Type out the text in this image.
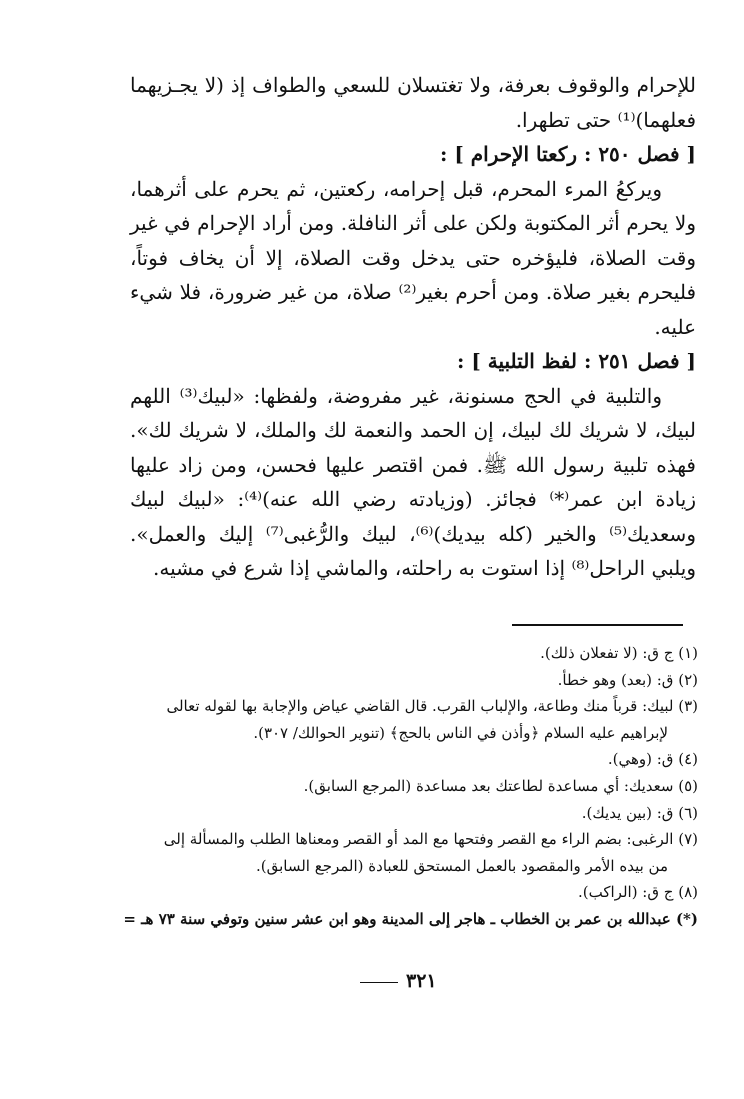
للإحرام والوقوف بعرفة، ولا تغتسلان للسعي والطواف إذ (لا يجـزيهما فعلهما)⁽¹⁾ حتى تطهرا.

[ فصل ٢٥٠ : ركعتا الإحرام ] :

ويركعُ المرء المحرم، قبل إحرامه، ركعتين، ثم يحرم على أثرهما، ولا يحرم أثر المكتوبة ولكن على أثر النافلة. ومن أراد الإحرام في غير وقت الصلاة، فليؤخره حتى يدخل وقت الصلاة، إلا أن يخاف فوتاً، فليحرم بغير صلاة. ومن أحرم بغير⁽²⁾ صلاة، من غير ضرورة، فلا شيء عليه.

[ فصل ٢٥١ : لفظ التلبية ] :

والتلبية في الحج مسنونة، غير مفروضة، ولفظها: «لبيك⁽³⁾ اللهم لبيك، لا شريك لك لبيك، إن الحمد والنعمة لك والملك، لا شريك لك». فهذه تلبية رسول الله ﷺ. فمن اقتصر عليها فحسن، ومن زاد عليها زيادة ابن عمر⁽*⁾ فجائز. (وزيادته رضي الله عنه)⁽⁴⁾: «لبيك لبيك وسعديك⁽⁵⁾ والخير (كله بيديك)⁽⁶⁾، لبيك والرُّغبى⁽⁷⁾ إليك والعمل». ويلبي الراحل⁽⁸⁾ إذا استوت به راحلته، والماشي إذا شرع في مشيه.

(١) ج ق: (لا تفعلان ذلك).

(٢) ق: (بعد) وهو خطأ.

(٣) لبيك: قرباً منك وطاعة، والإلباب القرب. قال القاضي عياض والإجابة بها لقوله تعالى

لإبراهيم عليه السلام ﴿وأذن في الناس بالحج﴾ (تنوير الحوالك/ ٣٠٧).

(٤) ق: (وهي).

(٥) سعديك: أي مساعدة لطاعتك بعد مساعدة (المرجع السابق).

(٦) ق: (بين يديك).

(٧) الرغبى: بضم الراء مع القصر وفتحها مع المد أو القصر ومعناها الطلب والمسألة إلى

من بيده الأمر والمقصود بالعمل المستحق للعبادة (المرجع السابق).

(٨) ج ق: (الراكب).

(*) عبدالله بن عمر بن الخطاب ـ هاجر إلى المدينة وهو ابن عشر سنين وتوفي سنة ٧٣ هـ =

٣٢١
